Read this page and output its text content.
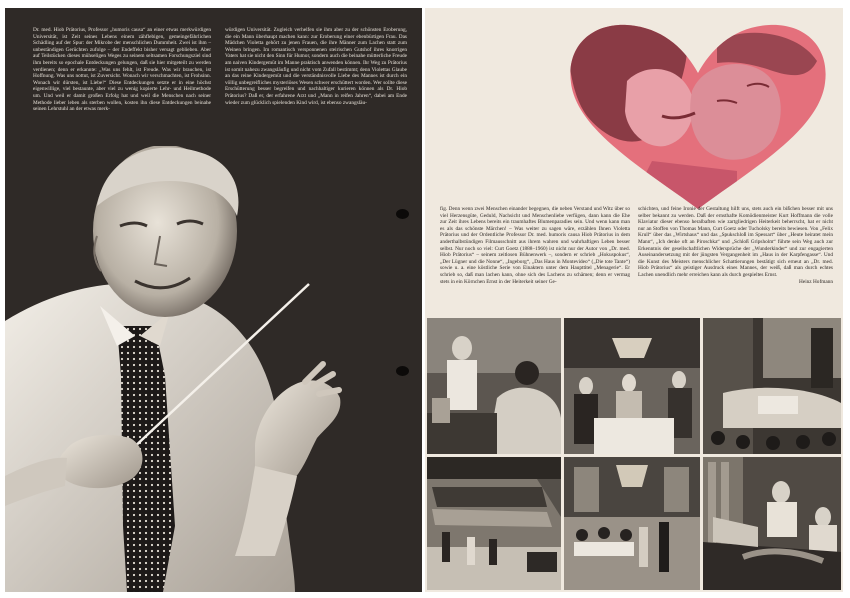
Dr. med. Hiob Prätorius, Professor „humoris causa“ an einer etwas merkwürdigen Universität, ist Zeit seines Lebens einem zähflebigen, gemeingefährlichen Schädling auf der Spur: der Mikrobe der menschlichen Dummheit. Zwei ist ihm – unbeständigen Gerüchten zufolge – der Endeffekt bisher versagt geblieben. Aber auf Teilstücken dieses mühseligen Weges zu seinem seltsamen Forschungsziel sind ihm bereits so epochale Entdeckungen gelungen, daß sie hier mitgeteilt zu werden verdienen; denn er erkannte: „Was uns fehlt, ist Freude. Was wir brauchen, ist Hoffnung. Was uns nottut, ist Zuversicht. Wonach wir verschmachten, ist Frohsinn. Wonach wir dürsten, ist Liebe!“ Diese Entdeckungen setzte er in eine höchst eigenwillige, viel bestaunte, aber viel zu wenig kopierte Lehr- und Heilmethode um. Und weil er damit großen Erfolg hat und weil die Menschen nach seiner Methode lieber leben als sterben wollen, kosten ihn diese Entdeckungen beinahe seinen Lehrstuhl an der etwas merk-
würdigen Universität. Zugleich verhelfen sie ihm aber zu der schönsten Eroberung, die ein Mann überhaupt machen kann: zur Eroberung einer ebenbürtigen Frau. Das Mädchen Violetta gehört zu jenen Frauen, die ihre Männer zum Lachen statt zum Weinen bringen. Im romantisch versponnenen steirischen Gutshof ihres knorrigen Vaters hat sie nicht den Sinn für Humor, sondern auch die beinahe mütterliche Freude am naiven Kindergemüt im Manne praktisch anwenden können. Ihr Weg zu Prätorius ist somit nahezu zwangsläufig und nicht vom Zufall bestimmt; denn Violettas Glaube an das reine Kindergemüt und die verständnisvolle Liebe des Mannes ist durch ein völlig unbegreifliches mysteriöses Wesen schwer erschüttert worden. Wer sollte diese Erschütterung besser begreifen und nachhaltiger kurieren können als Dr. Hiob Prätorius? Daß er, der erfahrene Arzt und „Mann in reifen Jahren“, dabei am Ende wieder zum glücklich spielenden Kind wird, ist ebenso zwangsläu-
fig. Denn wenn zwei Menschen einander begegnen, die neben Verstand und Witz über so viel Herzensgüte, Geduld, Nachsicht und Menschenliebe verfügen, dann kann die Ehe zur Zeit ihres Lebens bereits ein traumhaftes Blumenparadies sein. Und wenn kann man es als das schönste Märchen! – Was weiter zu sagen wäre, erzählen Ihnen Violetta Prätorius und der Ordentliche Professor Dr. med. humoris causa Hiob Prätorius in dem anderthalbstündigen Filmausschnitt aus ihrem wahren und wahrhaftigen Leben besser selbst. Nur noch so viel: Curt Goetz (1888–1960) ist nicht nur der Autor von „Dr. med. Hiob Prätorius“ – seinem zeitlosen Bühnenwerk –, sondern er schrieb „Hokuspokus“, „Der Lügner und die Nonne“, „Ingeborg“, „Das Haus in Montevideo“ („Die tote Tante“) sowie u. a. eine köstliche Serie von Einaktern unter dem Haupttitel „Menagerie“. Er schrieb so, daß man lachen kann, ohne sich des Lachens zu schämen; denn er vermag stets in ein Körnchen Ernst in der Heiterkeit seiner Ge-
schichten, und feine Ironie der Gestaltung hilft uns, stets auch ein bißchen besser mit uns selber bekannt zu werden. Daß der ernsthafte Komödienmeister Kurt Hoffmann die volle Klaviatur dieser ebenso heralbaften wie zartgliedrigen Heiterkeit beherrscht, hat er nicht nur an Stoffen von Thomas Mann, Curt Goetz oder Tucholsky bereits bewiesen. Von „Felix Krull“ über das „Wirtshaus“ und das „Spukschloß im Spessart“ über „Heute heiratet mein Mann“, „Ich denke oft an Piroschka“ und „Schloß Gripsholm“ führte sein Weg auch zur Erkenntnis der gesellschaftlichen Widersprüche der „Wunderkinder“ und zur engagierten Auseinandersetzung mit der jüngsten Vergangenheit im „Haus in der Karpfengasse“. Und die Kunst des Meisters menschlicher Schattierungen bestätigt sich erneut an „Dr. med. Hiob Prätorius“ als geistiger Ausdruck eines Mannes, der weiß, daß man durch echtes Lachen unendlich mehr erreichen kann als durch gespieltes Ernst.
Heinz Hofmann
